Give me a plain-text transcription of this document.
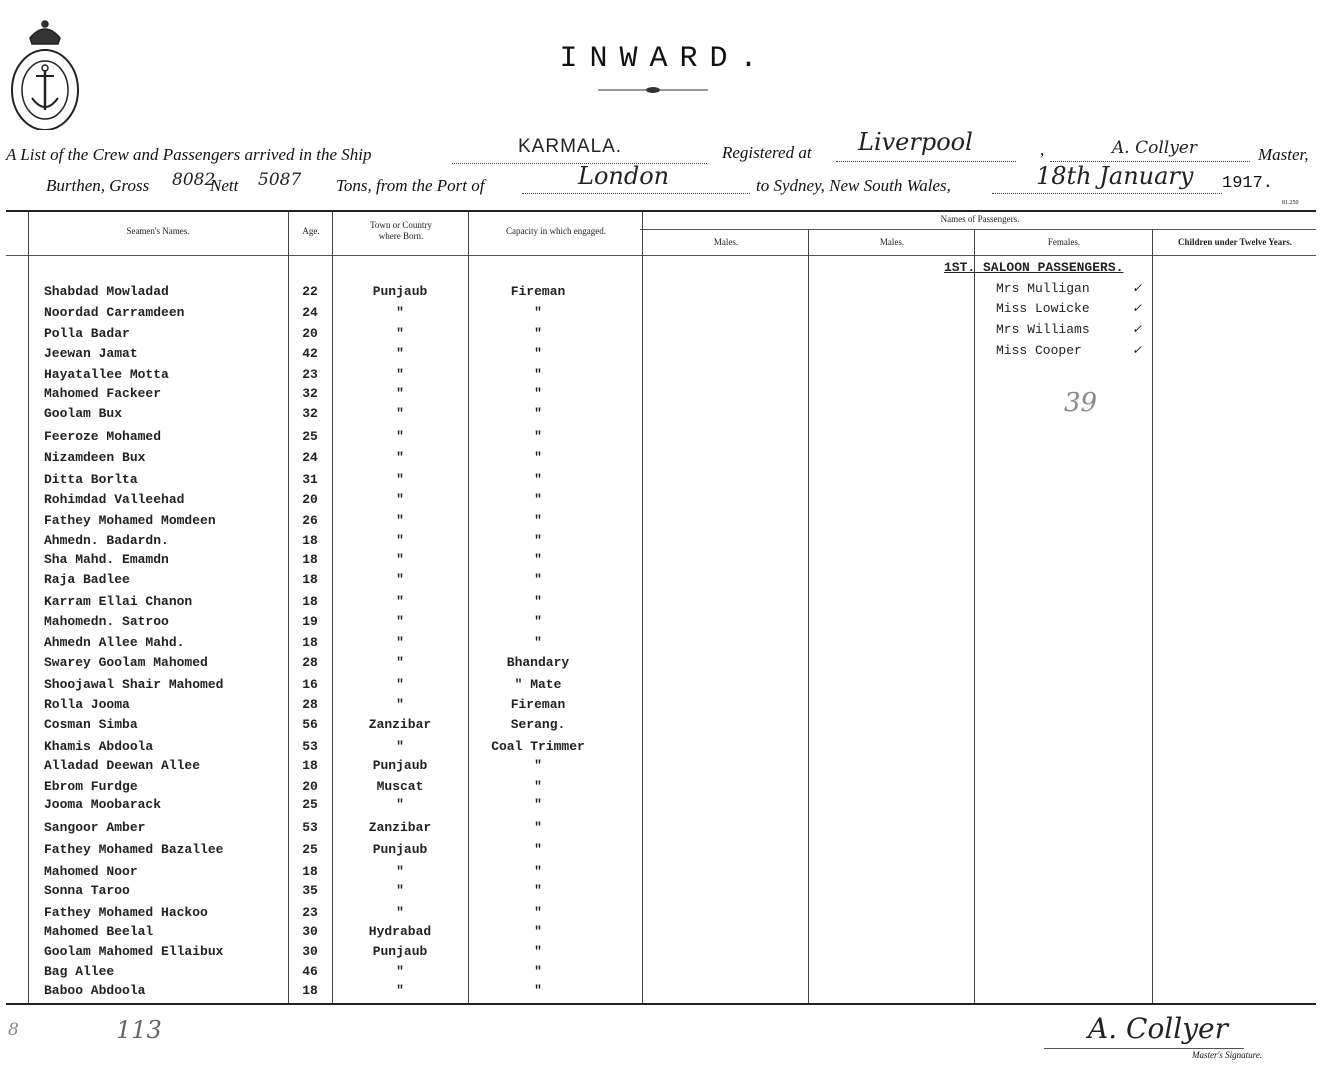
INWARD.
A List of the Crew and Passengers arrived in the Ship	KARMALA.	Registered at Liverpool	,	A. Collyer	Master,
Burthen, Gross 8082
Nett 5087 Tons, from the Port of	London	to Sydney, New South Wales,	18th January 1917.
81.250
Seamen's Names.	Age.
Town or Country
where Born.	Capacity in which engaged.
Names of Passengers.
Males.	Males.	Females.	Children under Twelve Years.
1ST. SALOON PASSENGERS.
Mrs Mulligan	✓
Miss Lowicke	✓
Mrs Williams	✓
Miss Cooper	✓
39
Shabdad Mowladad	22	Punjaub	Fireman
Noordad Carramdeen	24	"	"
Polla Badar	20	"	"
Jeewan Jamat	42	"	"
Hayatallee Motta	23	"	"
Mahomed Fackeer	32	"	"
Goolam Bux	32	"	"
Feeroze Mohamed	25	"	"
Nizamdeen Bux	24	"	"
Ditta Borlta	31	"	"
Rohimdad Valleehad	20	"	"
Fathey Mohamed Momdeen	26	"	"
Ahmedn. Badardn.	18	"	"
Sha Mahd. Emamdn	18	"	"
Raja Badlee	18	"	"
Karram Ellai Chanon	18	"	"
Mahomedn. Satroo	19	"	"
Ahmedn Allee Mahd.	18	"	"
Swarey Goolam Mahomed	28	"	Bhandary
Shoojawal Shair Mahomed	16	"	" Mate
Rolla Jooma	28	"	Fireman
Cosman Simba	56	Zanzibar	Serang.
Khamis Abdoola	53	"	Coal Trimmer
Alladad Deewan Allee	18	Punjaub	"
Ebrom Furdge	20	Muscat	"
Jooma Moobarack	25	"	"
Sangoor Amber	53	Zanzibar	"
Fathey Mohamed Bazallee	25	Punjaub	"
Mahomed Noor	18	"	"
Sonna Taroo	35	"	"
Fathey Mohamed Hackoo	23	"	"
Mahomed Beelal	30	Hydrabad	"
Goolam Mahomed Ellaibux	30	Punjaub	"
Bag Allee	46	"	"
Baboo Abdoola	18	"	"
8	113	A. Collyer
Master's Signature.
